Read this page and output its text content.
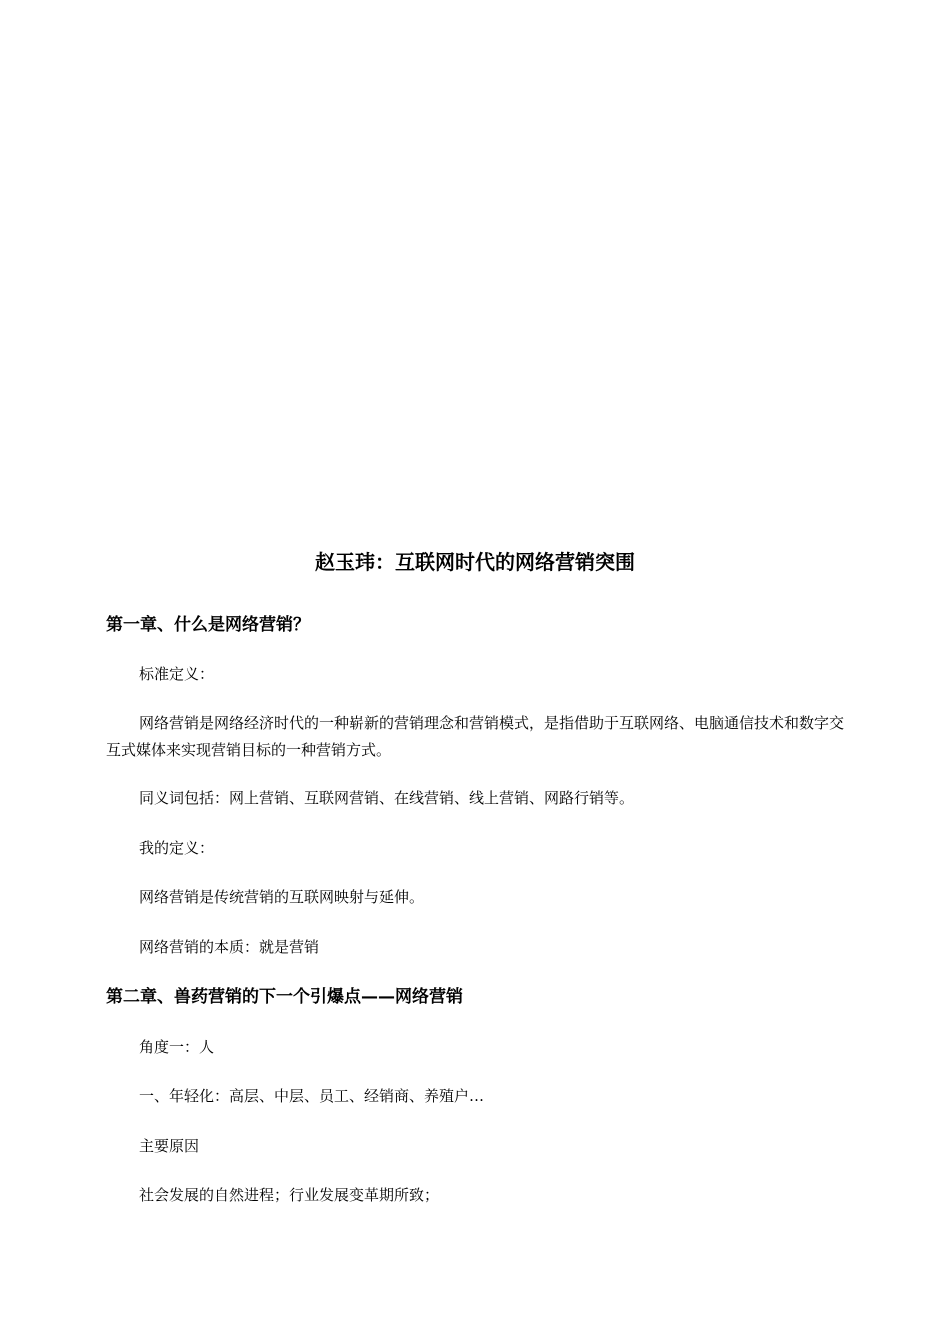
赵玉玮：互联网时代的网络营销突围
第一章、什么是网络营销？
标准定义：
网络营销是网络经济时代的一种崭新的营销理念和营销模式，是指借助于互联网络、电脑通信技术和数字交互式媒体来实现营销目标的一种营销方式。
同义词包括：网上营销、互联网营销、在线营销、线上营销、网路行销等。
我的定义：
网络营销是传统营销的互联网映射与延伸。
网络营销的本质：就是营销
第二章、兽药营销的下一个引爆点——网络营销
角度一：人
一、年轻化：高层、中层、员工、经销商、养殖户…
主要原因
社会发展的自然进程；行业发展变革期所致；
